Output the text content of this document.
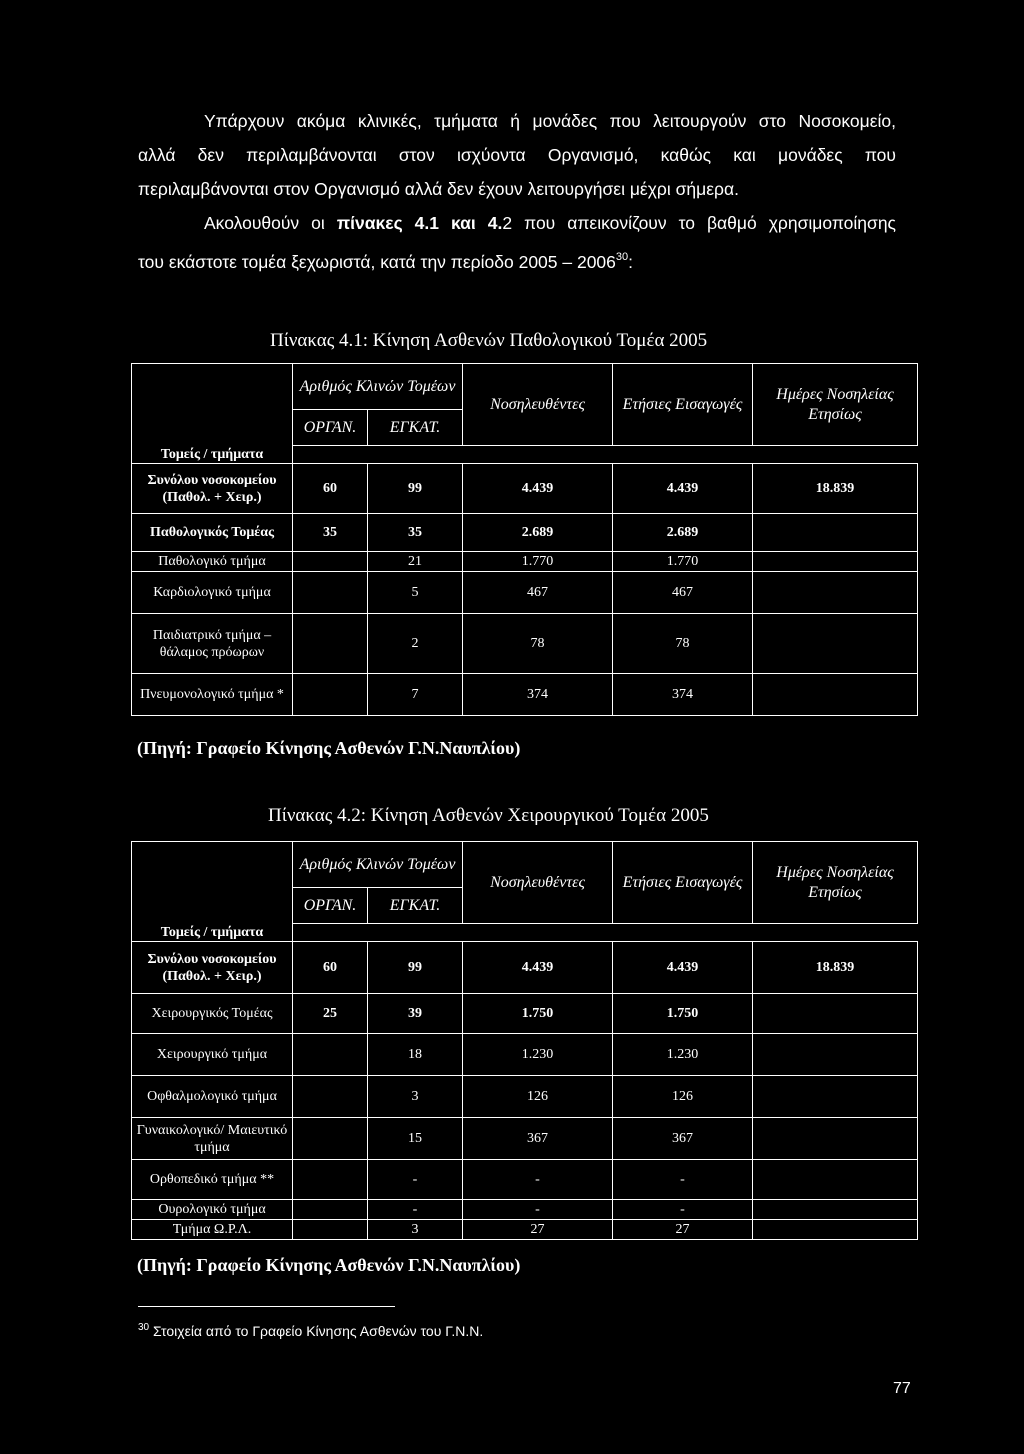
Υπάρχουν ακόμα κλινικές, τμήματα ή μονάδες που λειτουργούν στο Νοσοκομείο,
αλλά δεν περιλαμβάνονται στον ισχύοντα Οργανισμό, καθώς και μονάδες που
περιλαμβάνονται στον Οργανισμό αλλά δεν έχουν λειτουργήσει μέχρι σήμερα.
Ακολουθούν οι πίνακες 4.1 και 4.2 που απεικονίζουν το βαθμό χρησιμοποίησης
του εκάστοτε τομέα ξεχωριστά, κατά την περίοδο 2005 – 2006$^{30}$:
Πίνακας 4.1: Κίνηση Ασθενών Παθολογικού Τομέα 2005
	Αριθμός Κλινών Τομέων		Νοσηλευθέντες	Ετήσιες Εισαγωγές	Ημέρες Νοσηλείας Ετησίως
	ΟΡΓΑΝ.	ΕΓΚΑΤ.			
Τομείς / τμήματα					
Συνόλου νοσοκομείου (Παθολ. + Χειρ.)	60	99	4.439	4.439	18.839
Παθολογικός Τομέας	35	35	2.689	2.689	
Παθολογικό τμήμα		21	1.770	1.770	
Καρδιολογικό τμήμα		5	467	467	
Παιδιατρικό τμήμα –θάλαμος πρόωρων		2	78	78	
Πνευμονολογικό τμήμα *		7	374	374	
(Πηγή: Γραφείο Κίνησης Ασθενών Γ.Ν.Ναυπλίου)
Πίνακας 4.2: Κίνηση Ασθενών Χειρουργικού Τομέα 2005
	Αριθμός Κλινών Τομέων		Νοσηλευθέντες	Ετήσιες Εισαγωγές	Ημέρες Νοσηλείας Ετησίως
	ΟΡΓΑΝ.	ΕΓΚΑΤ.			
Τομείς / τμήματα					
Συνόλου νοσοκομείου (Παθολ. + Χειρ.)	60	99	4.439	4.439	18.839
Χειρουργικός Τομέας	25	39	1.750	1.750	
Χειρουργικό τμήμα		18	1.230	1.230	
Οφθαλμολογικό τμήμα		3	126	126	
Γυναικολογικό/ Μαιευτικό τμήμα		15	367	367	
Ορθοπεδικό τμήμα **		-	-	-	
Ουρολογικό τμήμα		-	-	-	
Τμήμα Ω.Ρ.Λ.		3	27	27	
(Πηγή: Γραφείο Κίνησης Ασθενών Γ.Ν.Ναυπλίου)
$^{30}$ Στοιχεία από το Γραφείο Κίνησης Ασθενών του Γ.Ν.Ν.
77
